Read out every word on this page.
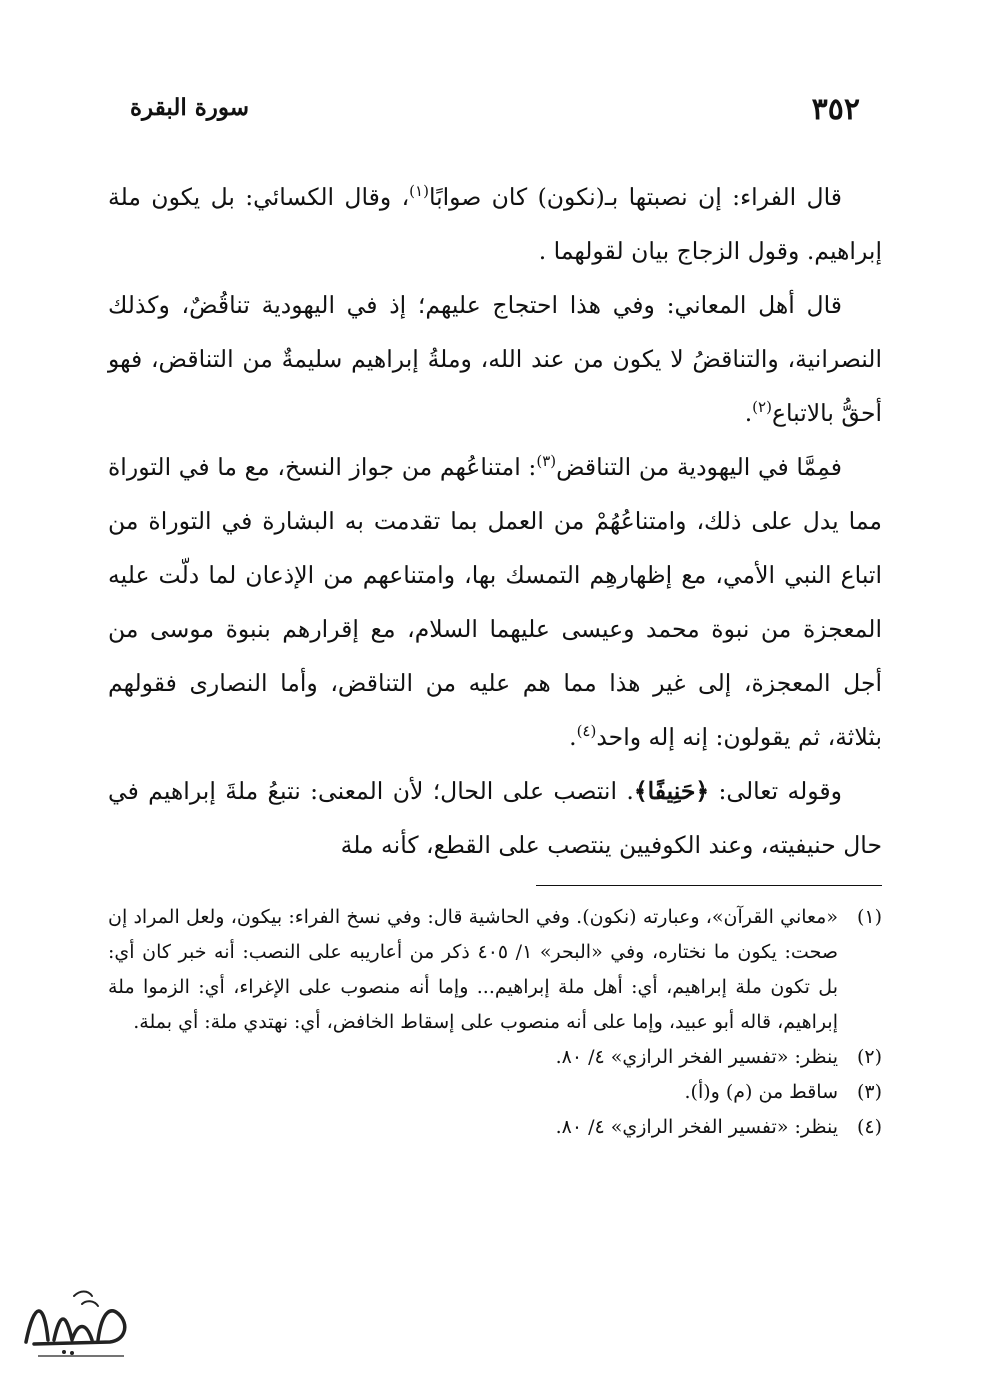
٣٥٢
سورة البقرة

قال الفراء: إن نصبتها بـ(نكون) كان صوابًا$^{(١)}$، وقال الكسائي: بل يكون ملة إبراهيم. وقول الزجاج بيان لقولهما .

قال أهل المعاني: وفي هذا احتجاج عليهم؛ إذ في اليهودية تناقُضٌ، وكذلك النصرانية، والتناقضُ لا يكون من عند الله، وملةُ إبراهيم سليمةٌ من التناقض، فهو أحقُّ بالاتباع$^{(٢)}$.

فمِمَّا في اليهودية من التناقض$^{(٣)}$: امتناعُهم من جواز النسخ، مع ما في التوراة مما يدل على ذلك، وامتناعُهُمْ من العمل بما تقدمت به البشارة في التوراة من اتباع النبي الأمي، مع إظهارهِم التمسك بها، وامتناعهم من الإذعان لما دلّت عليه المعجزة من نبوة محمد وعيسى عليهما السلام، مع إقرارهم بنبوة موسى من أجل المعجزة، إلى غير هذا مما هم عليه من التناقض، وأما النصارى فقولهم بثلاثة، ثم يقولون: إنه إله واحد$^{(٤)}$.

وقوله تعالى: ﴿حَنِيفًا﴾. انتصب على الحال؛ لأن المعنى: نتبعُ ملةَ إبراهيم في حال حنيفيته، وعند الكوفيين ينتصب على القطع، كأنه ملة

(١)
«معاني القرآن»، وعبارته (نكون). وفي الحاشية قال: وفي نسخ الفراء: بيكون، ولعل المراد إن صحت: يكون ما نختاره، وفي «البحر» ١/ ٤٠٥ ذكر من أعاريبه على النصب: أنه خبر كان أي: بل تكون ملة إبراهيم، أي: أهل ملة إبراهيم... وإما أنه منصوب على الإغراء، أي: الزموا ملة إبراهيم، قاله أبو عبيد، وإما على أنه منصوب على إسقاط الخافض، أي: نهتدي ملة: أي بملة.
(٢)
ينظر: «تفسير الفخر الرازي» ٤/ ٨٠.
(٣)
ساقط من (م) و(أ).
(٤)
ينظر: «تفسير الفخر الرازي» ٤/ ٨٠.
